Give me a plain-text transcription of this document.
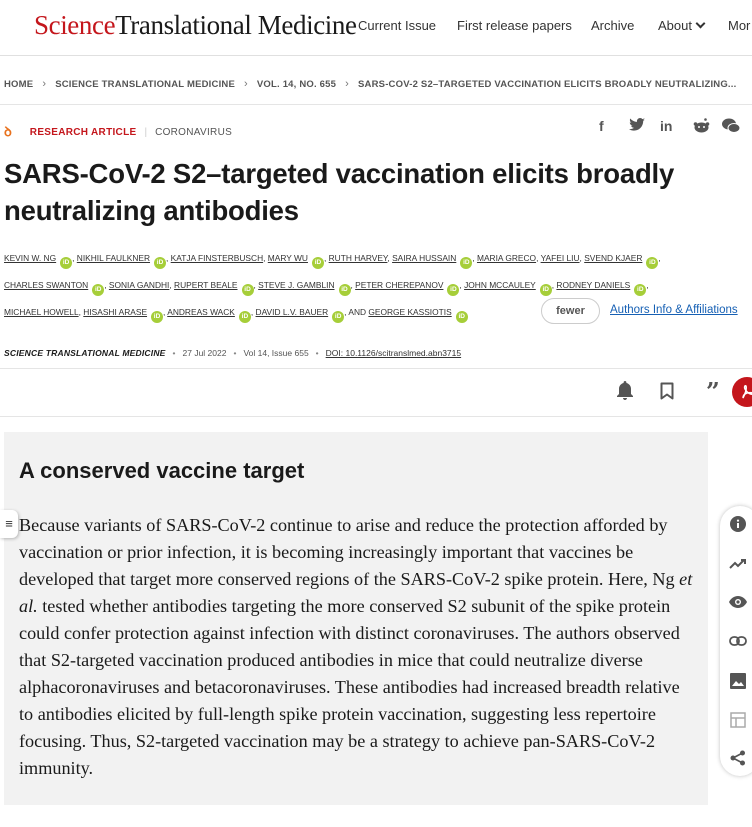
ScienceTranslational Medicine Current Issue First release papers Archive About	Mor
HOME › SCIENCE TRANSLATIONAL MEDICINE › VOL. 14, NO. 655 › SARS-COV-2 S2–TARGETED VACCINATION ELICITS BROADLY NEUTRALIZING...
ꝺ RESEARCH ARTICLE | CORONAVIRUS	f	in
SARS-CoV-2 S2–targeted vaccination elicits broadly neutralizing antibodies
KEVIN W. NG iD , NIKHIL FAULKNER iD , KATJA FINSTERBUSCH, MARY WU iD , RUTH HARVEY, SAIRA HUSSAIN iD , MARIA GRECO, YAFEI LIU, SVEND KJAER iD ,
CHARLES SWANTON iD , SONIA GANDHI, RUPERT BEALE iD , STEVE J. GAMBLIN iD , PETER CHEREPANOV iD , JOHN MCCAULEY iD , RODNEY DANIELS iD ,
MICHAEL HOWELL, HISASHI ARASE iD , ANDREAS WACK iD , DAVID L.V. BAUER iD , AND GEORGE KASSIOTIS iD	fewer	Authors Info & Affiliations
SCIENCE TRANSLATIONAL MEDICINE • 27 Jul 2022 • Vol 14, Issue 655 • DOI: 10.1126/scitranslmed.abn3715
”
A conserved vaccine target

Because variants of SARS-CoV-2 continue to arise and reduce the protection afforded by vaccination or prior infection, it is becoming increasingly important that vaccines be developed that target more conserved regions of the SARS-CoV-2 spike protein. Here, Ng et al. tested whether antibodies targeting the more conserved S2 subunit of the spike protein could confer protection against infection with distinct coronaviruses. The authors observed that S2-targeted vaccination produced antibodies in mice that could neutralize diverse alphacoronaviruses and betacoronaviruses. These antibodies had increased breadth relative to antibodies elicited by full-length spike protein vaccination, suggesting less repertoire focusing. Thus, S2-targeted vaccination may be a strategy to achieve pan-SARS-CoV-2 immunity.

≡
